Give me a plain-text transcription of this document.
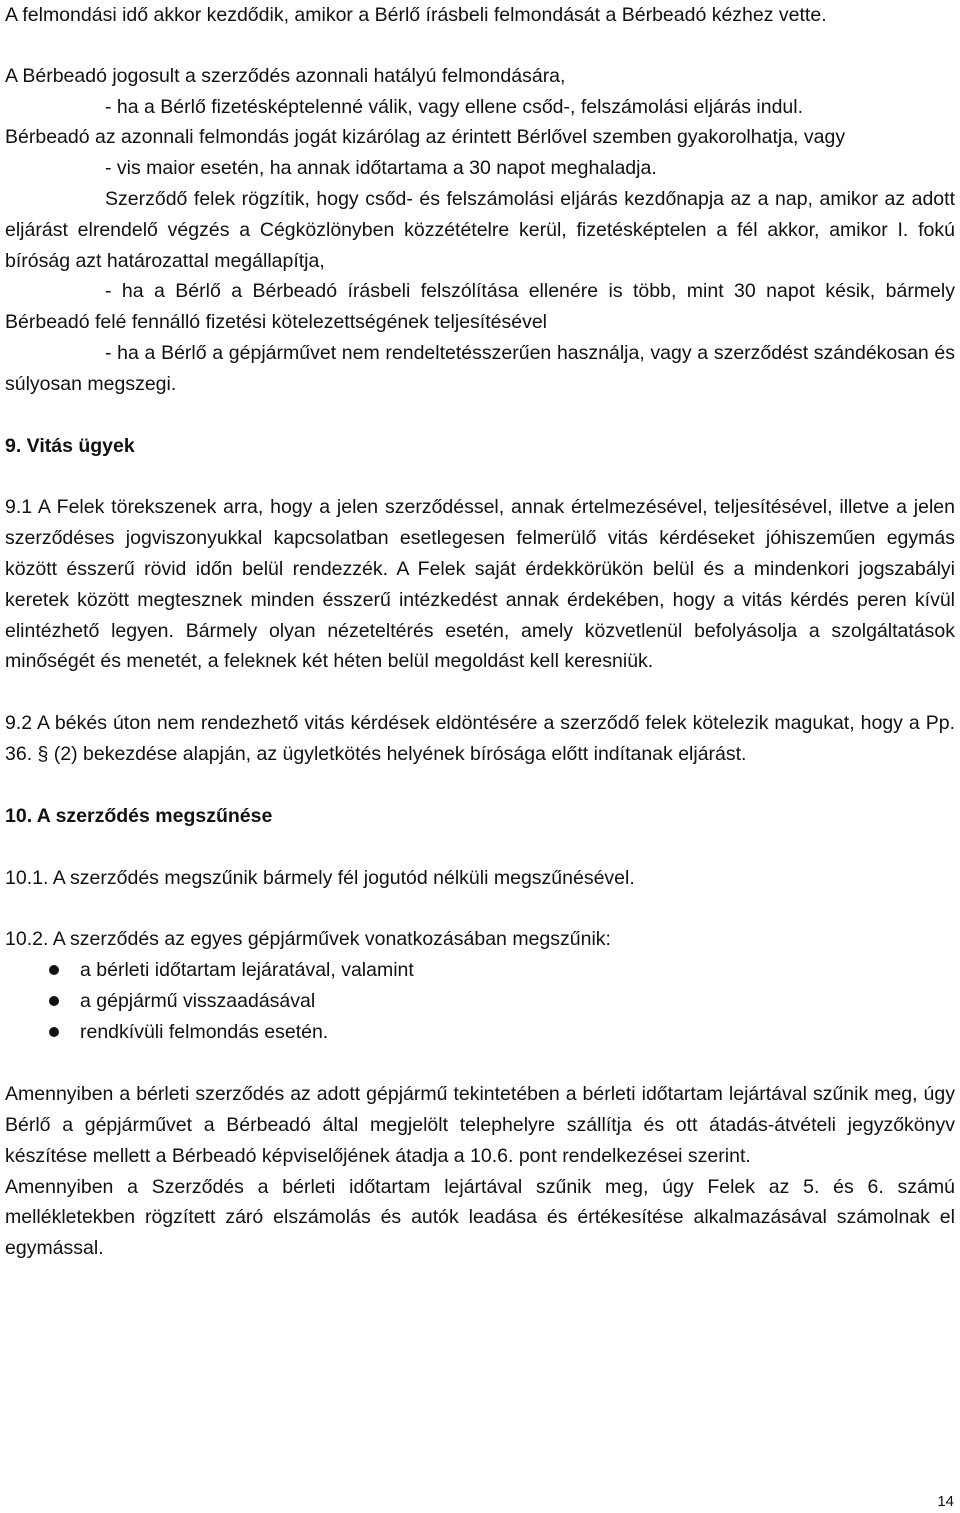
A felmondási idő akkor kezdődik, amikor a Bérlő írásbeli felmondását a Bérbeadó kézhez vette.

A Bérbeadó jogosult a szerződés azonnali hatályú felmondására,

- ha a Bérlő fizetésképtelenné válik, vagy ellene csőd-, felszámolási eljárás indul.

Bérbeadó az azonnali felmondás jogát kizárólag az érintett Bérlővel szemben gyakorolhatja, vagy

- vis maior esetén, ha annak időtartama a 30 napot meghaladja.

Szerződő felek rögzítik, hogy csőd- és felszámolási eljárás kezdőnapja az a nap, amikor az adott eljárást elrendelő végzés a Cégközlönyben közzétételre kerül, fizetésképtelen a fél akkor, amikor I. fokú bíróság azt határozattal megállapítja,

- ha a Bérlő a Bérbeadó írásbeli felszólítása ellenére is több, mint 30 napot késik, bármely Bérbeadó felé fennálló fizetési kötelezettségének teljesítésével

- ha a Bérlő a gépjárművet nem rendeltetésszerűen használja, vagy a szerződést szándékosan és súlyosan megszegi.

9. Vitás ügyek

9.1 A Felek törekszenek arra, hogy a jelen szerződéssel, annak értelmezésével, teljesítésével, illetve a jelen szerződéses jogviszonyukkal kapcsolatban esetlegesen felmerülő vitás kérdéseket jóhiszeműen egymás között ésszerű rövid időn belül rendezzék. A Felek saját érdekkörükön belül és a mindenkori jogszabályi keretek között megtesznek minden ésszerű intézkedést annak érdekében, hogy a vitás kérdés peren kívül elintézhető legyen. Bármely olyan nézeteltérés esetén, amely közvetlenül befolyásolja a szolgáltatások minőségét és menetét, a feleknek két héten belül megoldást kell keresniük.

9.2 A békés úton nem rendezhető vitás kérdések eldöntésére a szerződő felek kötelezik magukat, hogy a Pp. 36. § (2) bekezdése alapján, az ügyletkötés helyének bírósága előtt indítanak eljárást.

10. A szerződés megszűnése

10.1. A szerződés megszűnik bármely fél jogutód nélküli megszűnésével.

10.2. A szerződés az egyes gépjárművek vonatkozásában megszűnik:

a bérleti időtartam lejáratával, valamint
a gépjármű visszaadásával
rendkívüli felmondás esetén.

Amennyiben a bérleti szerződés az adott gépjármű tekintetében a bérleti időtartam lejártával szűnik meg, úgy Bérlő a gépjárművet a Bérbeadó által megjelölt telephelyre szállítja és ott átadás-átvételi jegyzőkönyv készítése mellett a Bérbeadó képviselőjének átadja a 10.6. pont rendelkezései szerint.

Amennyiben a Szerződés a bérleti időtartam lejártával szűnik meg, úgy Felek az 5. és 6. számú mellékletekben rögzített záró elszámolás és autók leadása és értékesítése alkalmazásával számolnak el egymással.

14
